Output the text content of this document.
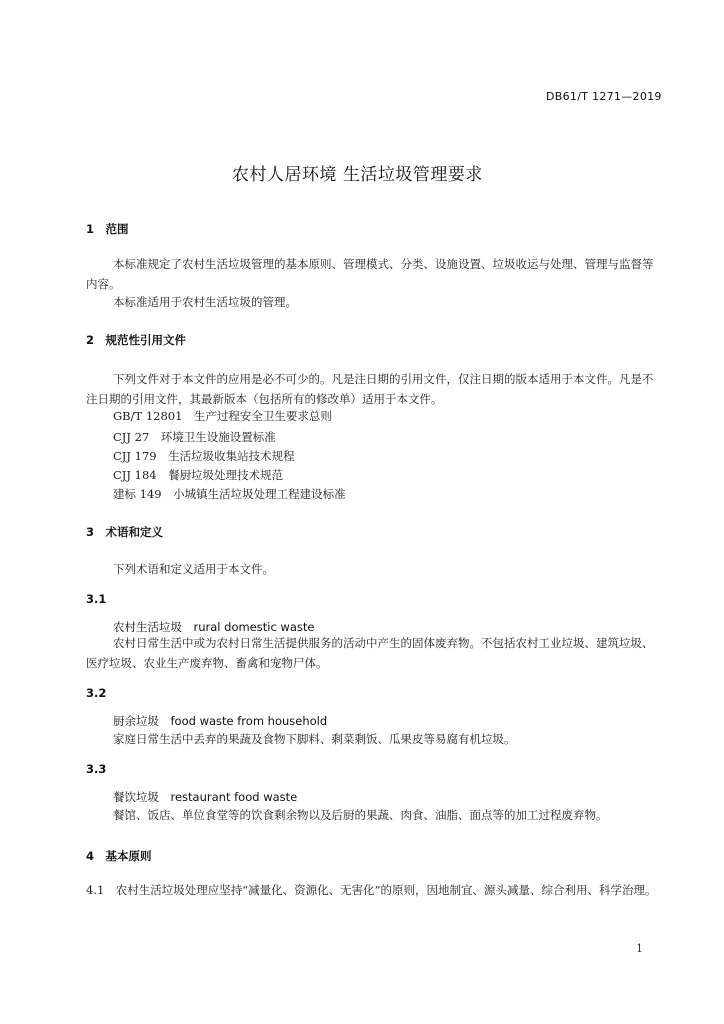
DB61/T 1271—2019
农村人居环境 生活垃圾管理要求
1　范围
本标准规定了农村生活垃圾管理的基本原则、管理模式、分类、设施设置、垃圾收运与处理、管理与监督等内容。
本标准适用于农村生活垃圾的管理。
2　规范性引用文件
下列文件对于本文件的应用是必不可少的。凡是注日期的引用文件，仅注日期的版本适用于本文件。凡是不注日期的引用文件，其最新版本（包括所有的修改单）适用于本文件。
GB/T 12801　生产过程安全卫生要求总则
CJJ 27　环境卫生设施设置标准
CJJ 179　生活垃圾收集站技术规程
CJJ 184　餐厨垃圾处理技术规范
建标 149　小城镇生活垃圾处理工程建设标准
3　术语和定义
下列术语和定义适用于本文件。
3.1
农村生活垃圾　rural domestic waste
农村日常生活中或为农村日常生活提供服务的活动中产生的固体废弃物。不包括农村工业垃圾、建筑垃圾、医疗垃圾、农业生产废弃物、畜禽和宠物尸体。
3.2
厨余垃圾　food waste from household
家庭日常生活中丢弃的果蔬及食物下脚料、剩菜剩饭、瓜果皮等易腐有机垃圾。
3.3
餐饮垃圾　restaurant food waste
餐馆、饭店、单位食堂等的饮食剩余物以及后厨的果蔬、肉食、油脂、面点等的加工过程废弃物。
4　基本原则
4.1　农村生活垃圾处理应坚持“减量化、资源化、无害化”的原则，因地制宜、源头减量、综合利用、科学治理。
1
